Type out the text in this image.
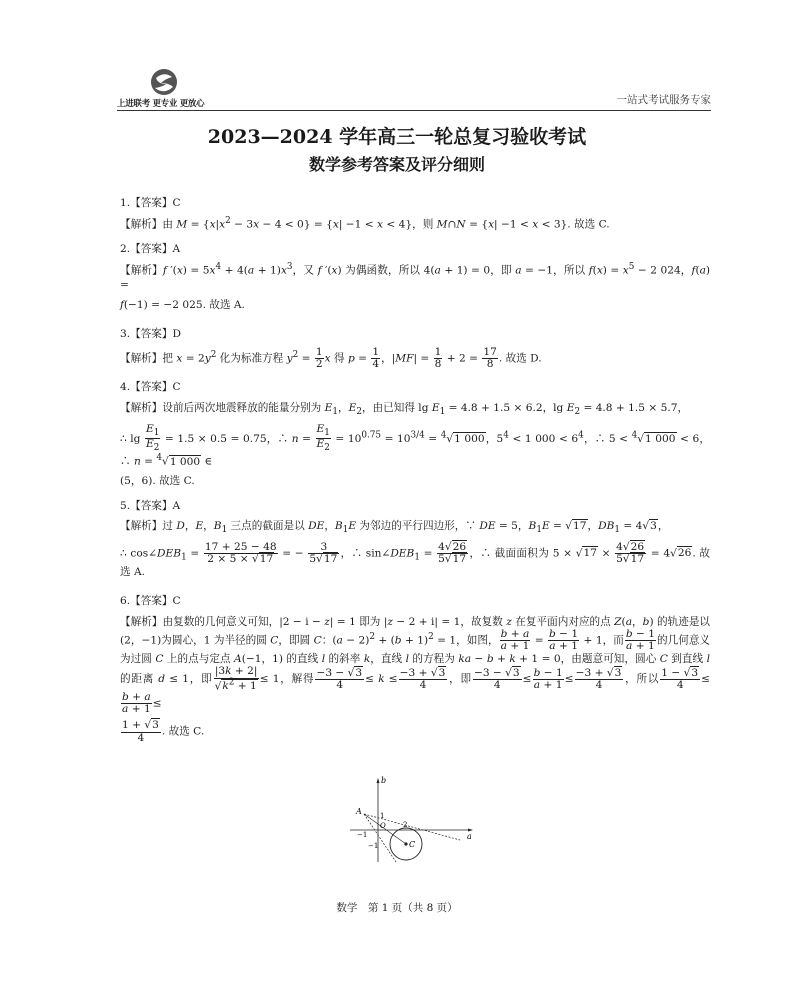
上进联考 更专业 更放心	一站式考试服务专家
2023—2024 学年高三一轮总复习验收考试
数学参考答案及评分细则

1.【答案】C

【解析】由 $M = \{x|x^2 - 3x - 4 < 0\} = \{x| -1 < x < 4\}$，则 M∩N = {x| −1 < x < 3}. 故选 C.

2.【答案】A

【解析】f $'(x) = 5x^4 + 4(a + 1)x^3$，又 f ′(x) 为偶函数，所以 4(a + 1) = 0，即 a = −1，所以 $f(x) = x^5 - 2$ 024，f(a) =
f(−1) = −2 025. 故选 A.

3.【答案】D

【解析】把 $x = 2y^2$ 化为标准方程 $y^2 = \frac{1}{2}$ x 得 $p = \frac{1}{4}$ ，$|MF| = \frac{1}{8} + 2 = \frac{17}{8}$ . 故选 D.

4.【答案】C

【解析】设前后两次地震释放的能量分别为 $E_1$，$E_2$，由已知得 $\lg E_1 = 4.8 + 1.5 \times 6.2$，$\lg E_2 = 4.8 + 1.5 \times 5.7$，
∴ $\lg \frac{E_1}{E_2} = 1.5 \times 0.5 = 0.75$，∴ $n = \frac{E_1}{E_2} = 10^{0.75} = 10^{3/4} = ^4√1$ 000，$5^4 < 1$ $000 < 6^4$，∴ 5 < $^4$√1 000 < 6，∴ n = $^4$√1 000 ∈
(5，6). 故选 C.

5.【答案】A

【解析】过 D，E，$B_1$ 三点的截面是以 DE，$B_1E$ 为邻边的平行四边形，∵ DE = 5，$B_1E = √17$，$DB_1 = 4√3$，
∴ $\cos\angle DEB_1 = \frac{17 + 25 - 48}{2 \times 5 \times √17}$ = − $\frac{3}{5√17}$ ，∴ $\sin\angle DEB_1 = \frac{4√26}{5√17}$ ，∴ 截面面积为 $5 \times √17 \times \frac{4√26}{5√17} = 4√26$. 故选 A.

6.【答案】C

【解析】由复数的几何意义可知，|2 − i − z| = 1 即为 |z − 2 + i| = 1，故复数 z 在复平面内对应的点 Z(a，b) 的轨迹是以(2，−1)为圆心，1 为半径的圆 C，即圆 C：$(a - 2)^2 + (b + 1)^2 = 1$，如图， $\frac{b + a}{a + 1} = \frac{b - 1}{a + 1} + 1$，而 $\frac{b - 1}{a + 1}$ 的几何意义为过圆 C 上的点与定点 A(−1，1) 的直线 l 的斜率 k，直线 l 的方程为 ka − b + k + 1 = 0，由题意可知，圆心 C 到直线 l 的距离 d ≤ 1，即 $\frac{|3k + 2|}{√k^2 + 1} \le 1$，解得 $\frac{-3 - √3}{4} \le k \le \frac{-3 + √3}{4}$ ，即 $\frac{-3 - √3}{4} \le \frac{b - 1}{a + 1} \le \frac{-3 + √3}{4}$ ，所以 $\frac{1 - √3}{4}$ ≤
$\frac{b + a}{a + 1}$ ≤
$\frac{1 + √3}{4}$ . 故选 C.

b
a
C
A	1
O 2
−1
−1
数学　第 1 页（共 8 页）
